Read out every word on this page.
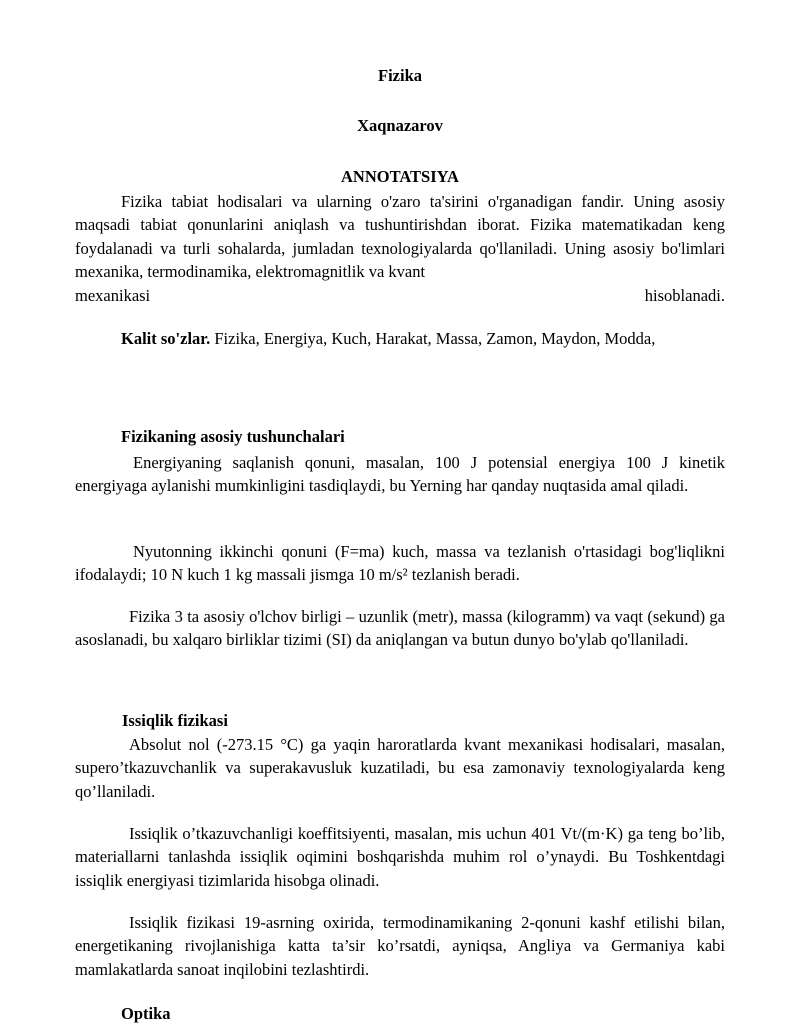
Fizika
Xaqnazarov
ANNOTATSIYA
Fizika tabiat hodisalari va ularning o'zaro ta'sirini o'rganadigan fandir. Uning asosiy maqsadi tabiat qonunlarini aniqlash va tushuntirishdan iborat. Fizika matematikadan keng foydalanadi va turli sohalarda, jumladan texnologiyalarda qo'llaniladi. Uning asosiy bo'limlari mexanika, termodinamika, elektromagnitlik va kvant
mexanikasi	hisoblanadi.
Kalit so'zlar. Fizika, Energiya, Kuch, Harakat, Massa, Zamon, Maydon, Modda,
Fizikaning asosiy tushunchalari
Energiyaning saqlanish qonuni, masalan, 100 J potensial energiya 100 J kinetik energiyaga aylanishi mumkinligini tasdiqlaydi, bu Yerning har qanday nuqtasida amal qiladi.
Nyutonning ikkinchi qonuni (F=ma) kuch, massa va tezlanish o'rtasidagi bog'liqlikni ifodalaydi; 10 N kuch 1 kg massali jismga 10 m/s² tezlanish beradi.
Fizika 3 ta asosiy o'lchov birligi – uzunlik (metr), massa (kilogramm) va vaqt (sekund) ga asoslanadi, bu xalqaro birliklar tizimi (SI) da aniqlangan va butun dunyo bo'ylab qo'llaniladi.
Issiqlik fizikasi
Absolut nol (-273.15 °C) ga yaqin haroratlarda kvant mexanikasi hodisalari, masalan, supero’tkazuvchanlik va superakavusluk kuzatiladi, bu esa zamonaviy texnologiyalarda keng qo’llaniladi.
Issiqlik o’tkazuvchanligi koeffitsiyenti, masalan, mis uchun 401 Vt/(m·K) ga teng bo’lib, materiallarni tanlashda issiqlik oqimini boshqarishda muhim rol o’ynaydi. Bu Toshkentdagi issiqlik energiyasi tizimlarida hisobga olinadi.
Issiqlik fizikasi 19-asrning oxirida, termodinamikaning 2-qonuni kashf etilishi bilan, energetikaning rivojlanishiga katta ta’sir ko’rsatdi, ayniqsa, Angliya va Germaniya kabi mamlakatlarda sanoat inqilobini tezlashtirdi.
Optika
